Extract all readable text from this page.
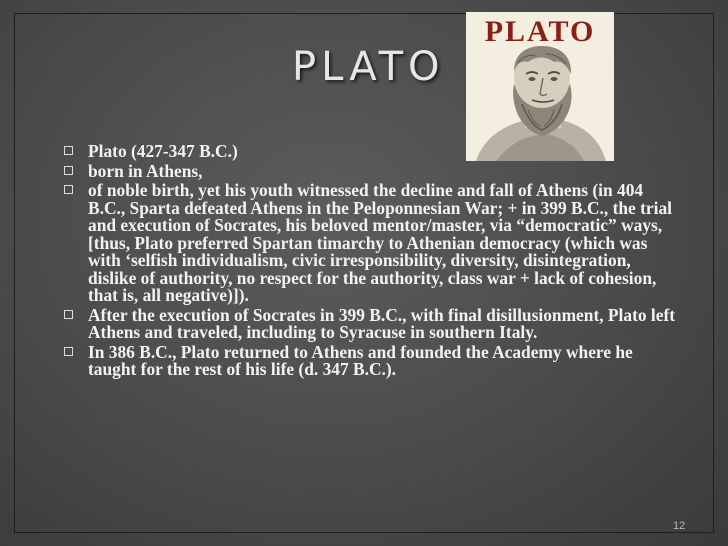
PLATO
PLATO
Plato (427-347 B.C.)
born in Athens,
of noble birth, yet his youth witnessed the decline and fall of Athens (in 404 B.C., Sparta defeated Athens in the Peloponnesian War; + in 399 B.C., the trial and execution of Socrates, his beloved mentor/master, via “democratic” ways, [thus, Plato preferred Spartan timarchy to Athenian democracy (which was with ‘selfish individualism, civic irresponsibility, diversity, disintegration, dislike of authority, no respect for the authority, class war + lack of cohesion, that is, all negative)]).
After the execution of Socrates in 399 B.C., with final disillusionment, Plato left Athens and traveled, including to Syracuse in southern Italy.
In 386 B.C., Plato returned to Athens and founded the Academy where he taught for the rest of his life (d. 347 B.C.).
12
